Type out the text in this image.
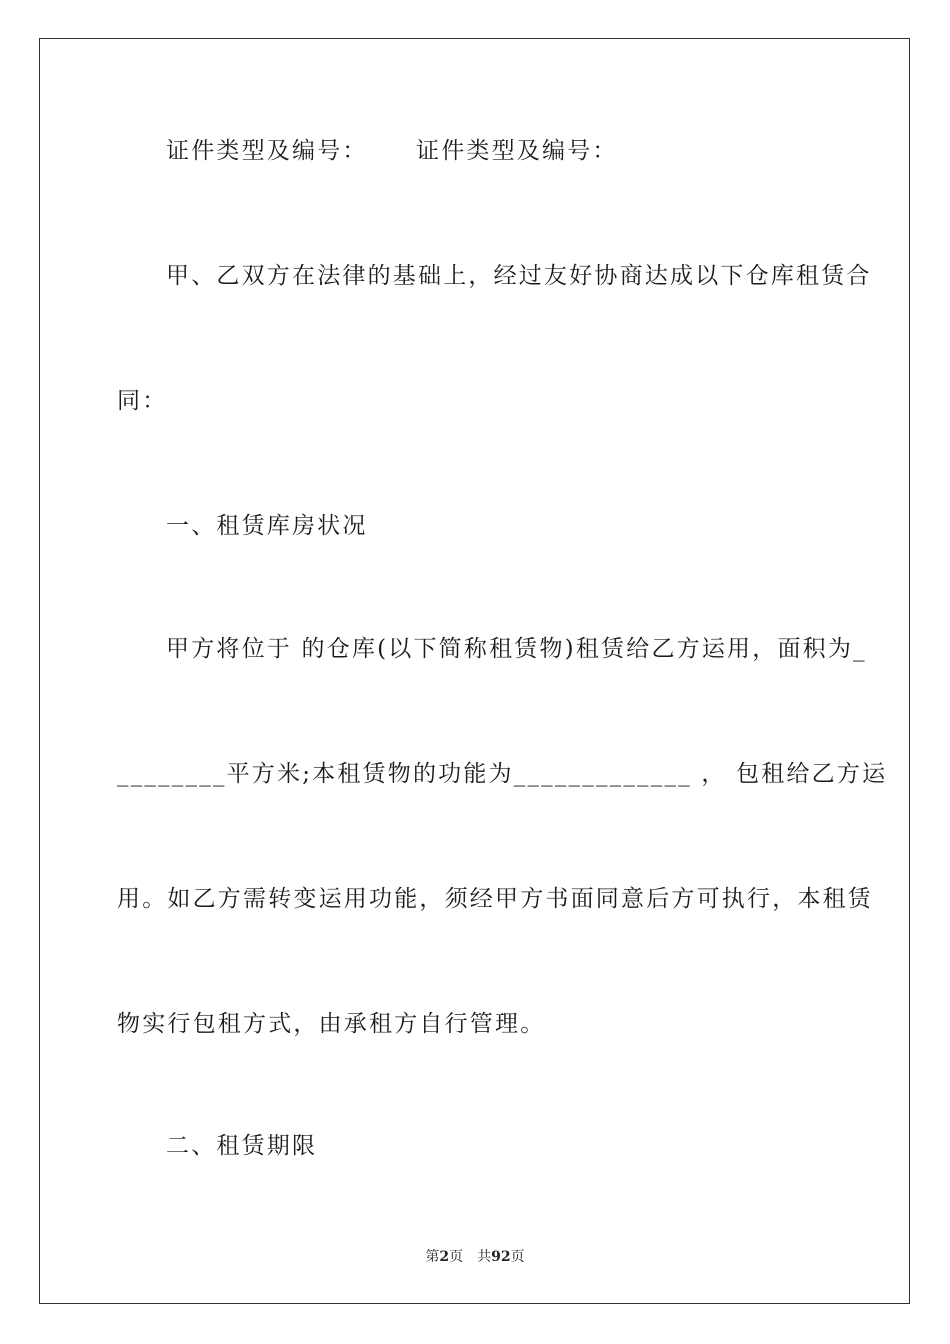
证件类型及编号： 证件类型及编号：
甲、乙双方在法律的基础上，经过友好协商达成以下仓库租赁合
同：
一、租赁库房状况
甲方将位于 的仓库(以下简称租赁物)租赁给乙方运用，面积为_
________平方米;本租赁物的功能为_____________ ， 包租给乙方运
用。如乙方需转变运用功能，须经甲方书面同意后方可执行，本租赁
物实行包租方式，由承租方自行管理。
二、租赁期限
第2页　共92页
